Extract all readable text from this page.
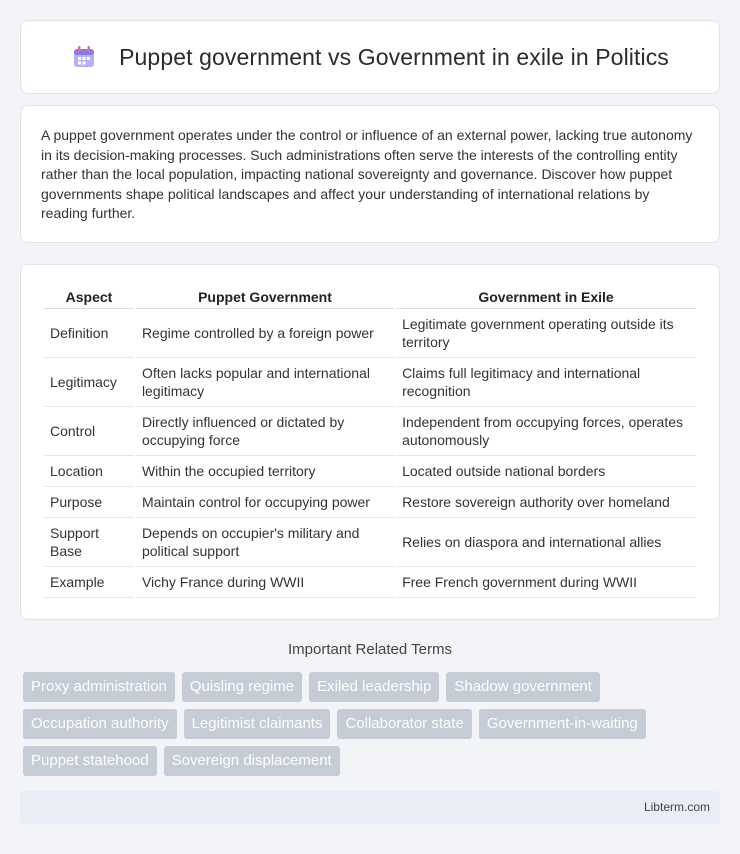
Puppet government vs Government in exile in Politics

A puppet government operates under the control or influence of an external power, lacking true autonomy in its decision-making processes. Such administrations often serve the interests of the controlling entity rather than the local population, impacting national sovereignty and governance. Discover how puppet governments shape political landscapes and affect your understanding of international relations by reading further.

Aspect	Puppet Government	Government in Exile
Definition	Regime controlled by a foreign power	Legitimate government operating outside its territory
Legitimacy	Often lacks popular and international legitimacy	Claims full legitimacy and international recognition
Control	Directly influenced or dictated by occupying force	Independent from occupying forces, operates autonomously
Location	Within the occupied territory	Located outside national borders
Purpose	Maintain control for occupying power	Restore sovereign authority over homeland
Support Base	Depends on occupier's military and political support	Relies on diaspora and international allies
Example	Vichy France during WWII	Free French government during WWII
Important Related Terms
Proxy administration	Quisling regime	Exiled leadership	Shadow government
Occupation authority	Legitimist claimants	Collaborator state	Government-in-waiting
Puppet statehood	Sovereign displacement
Libterm.com
